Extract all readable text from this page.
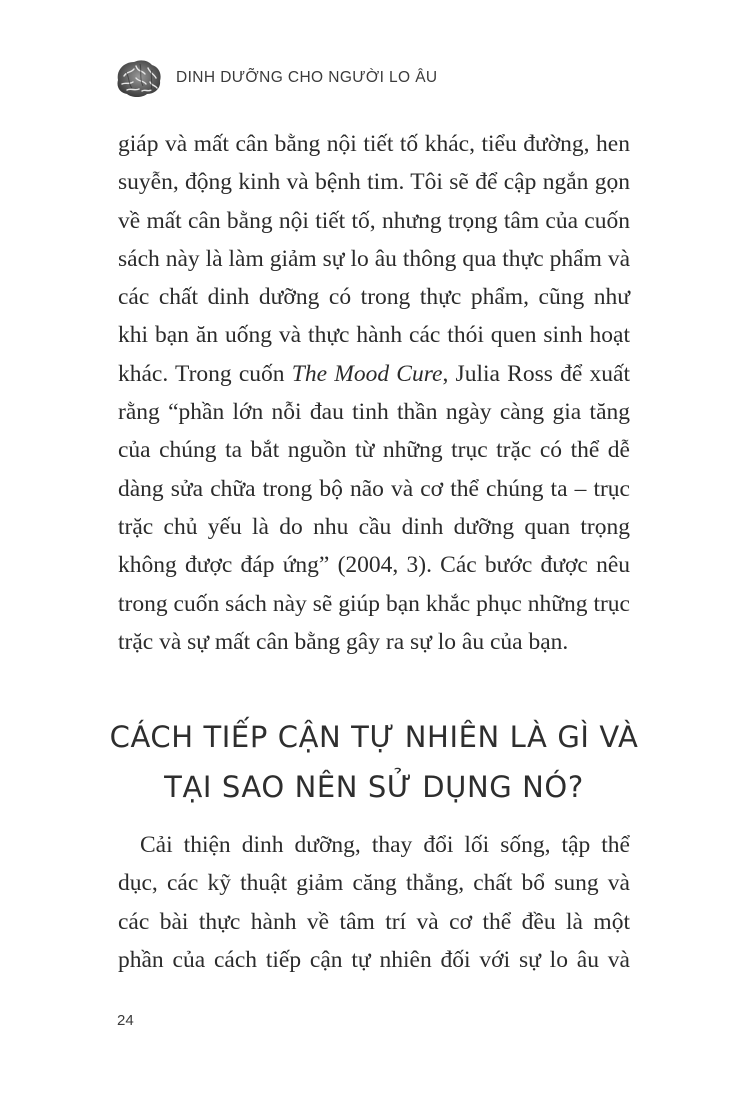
DINH DƯỠNG CHO NGƯỜI LO ÂU

giáp và mất cân bằng nội tiết tố khác, tiểu đường, hen
suyễn, động kinh và bệnh tim. Tôi sẽ để cập ngắn gọn
về mất cân bằng nội tiết tố, nhưng trọng tâm của cuốn
sách này là làm giảm sự lo âu thông qua thực phẩm và
các chất dinh dưỡng có trong thực phẩm, cũng như
khi bạn ăn uống và thực hành các thói quen sinh hoạt
khác. Trong cuốn The Mood Cure, Julia Ross để xuất
rằng “phần lớn nỗi đau tinh thần ngày càng gia tăng
của chúng ta bắt nguồn từ những trục trặc có thể dễ
dàng sửa chữa trong bộ não và cơ thể chúng ta – trục
trặc chủ yếu là do nhu cầu dinh dưỡng quan trọng
không được đáp ứng” (2004, 3). Các bước được nêu
trong cuốn sách này sẽ giúp bạn khắc phục những trục
trặc và sự mất cân bằng gây ra sự lo âu của bạn.

CÁCH TIẾP CẬN TỰ NHIÊN LÀ GÌ VÀ
TẠI SAO NÊN SỬ DỤNG NÓ?

Cải thiện dinh dưỡng, thay đổi lối sống, tập thể
dục, các kỹ thuật giảm căng thẳng, chất bổ sung và
các bài thực hành về tâm trí và cơ thể đều là một
phần của cách tiếp cận tự nhiên đối với sự lo âu và

24
